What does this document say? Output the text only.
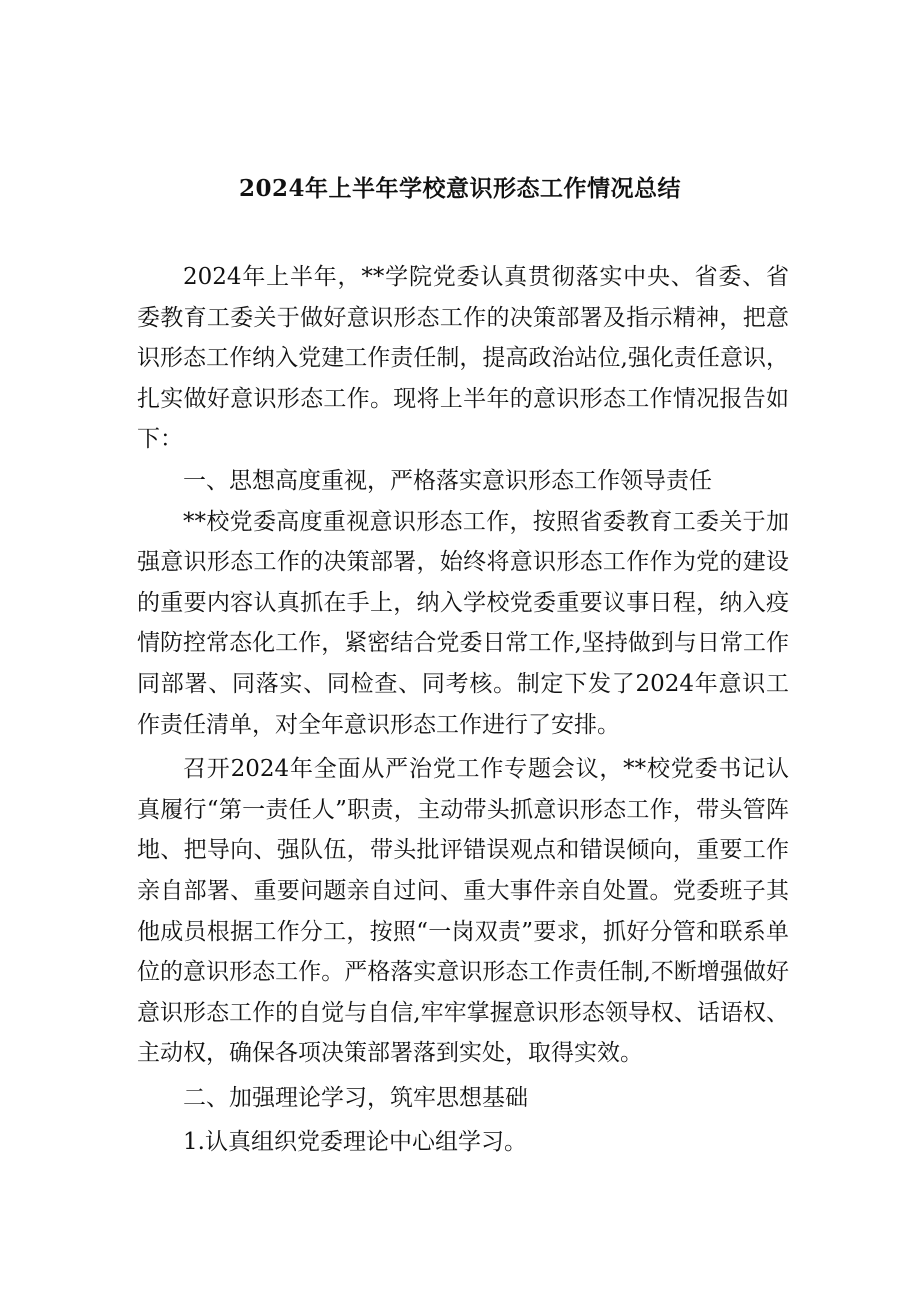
2024年上半年学校意识形态工作情况总结

2024年上半年，**学院党委认真贯彻落实中央、省委、省委教育工委关于做好意识形态工作的决策部署及指示精神，把意识形态工作纳入党建工作责任制，提高政治站位,强化责任意识，扎实做好意识形态工作。现将上半年的意识形态工作情况报告如下：

一、思想高度重视，严格落实意识形态工作领导责任

**校党委高度重视意识形态工作，按照省委教育工委关于加强意识形态工作的决策部署，始终将意识形态工作作为党的建设的重要内容认真抓在手上，纳入学校党委重要议事日程，纳入疫情防控常态化工作，紧密结合党委日常工作,坚持做到与日常工作同部署、同落实、同检查、同考核。制定下发了2024年意识工作责任清单，对全年意识形态工作进行了安排。

召开2024年全面从严治党工作专题会议，**校党委书记认真履行“第一责任人”职责，主动带头抓意识形态工作，带头管阵地、把导向、强队伍，带头批评错误观点和错误倾向，重要工作亲自部署、重要问题亲自过问、重大事件亲自处置。党委班子其他成员根据工作分工，按照“一岗双责”要求，抓好分管和联系单位的意识形态工作。严格落实意识形态工作责任制,不断增强做好意识形态工作的自觉与自信,牢牢掌握意识形态领导权、话语权、主动权，确保各项决策部署落到实处，取得实效。

二、加强理论学习，筑牢思想基础

1.认真组织党委理论中心组学习。
